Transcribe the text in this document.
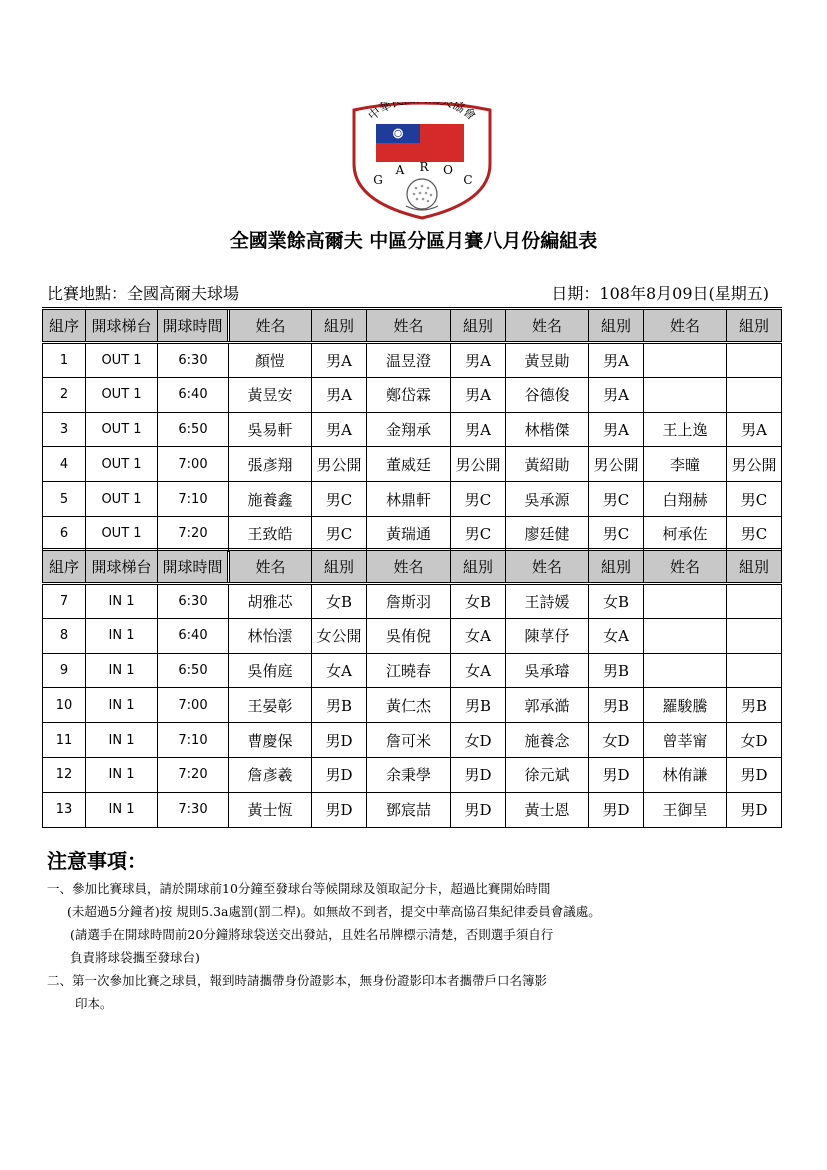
中華 協會
G
A R O
C
全國業餘高爾夫 中區分區月賽八月份編組表
比賽地點：全國高爾夫球場	日期：108年8月09日(星期五)
組序	開球梯台	開球時間	姓名	組別	姓名	組別	姓名	組別	姓名	組別
1	OUT 1	6:30	顏愷	男A	温昱澄	男A	黃昱勛	男A		
2	OUT 1	6:40	黃昱安	男A	鄭岱霖	男A	谷德俊	男A		
3	OUT 1	6:50	吳易軒	男A	金翔承	男A	林楷傑	男A	王上逸	男A
4	OUT 1	7:00	張彥翔	男公開	董威廷	男公開	黃紹勛	男公開	李曈	男公開
5	OUT 1	7:10	施養鑫	男C	林鼎軒	男C	吳承源	男C	白翔赫	男C
6	OUT 1	7:20	王致皓	男C	黃瑞通	男C	廖廷健	男C	柯承佐	男C
組序	開球梯台	開球時間	姓名	組別	姓名	組別	姓名	組別	姓名	組別
7	IN 1	6:30	胡雅芯	女B	詹斯羽	女B	王詩媛	女B		
8	IN 1	6:40	林怡澐	女公開	吳侑倪	女A	陳莩伃	女A		
9	IN 1	6:50	吳侑庭	女A	江曉春	女A	吳承璿	男B		
10	IN 1	7:00	王晏彰	男B	黃仁杰	男B	郭承澔	男B	羅駿騰	男B
11	IN 1	7:10	曹慶保	男D	詹可米	女D	施養念	女D	曾莘甯	女D
12	IN 1	7:20	詹彥羲	男D	余秉學	男D	徐元斌	男D	林侑謙	男D
13	IN 1	7:30	黃士恆	男D	鄧宸喆	男D	黃士恩	男D	王御呈	男D
注意事項：
一、參加比賽球員，請於開球前10分鐘至發球台等候開球及領取記分卡，超過比賽開始時間
(未超過5分鐘者)按 規則5.3a處罰(罰二桿)。如無故不到者，提交中華高協召集紀律委員會議處。
(請選手在開球時間前20分鐘將球袋送交出發站，且姓名吊牌標示清楚，否則選手須自行
負責將球袋攜至發球台)
二、第一次參加比賽之球員，報到時請攜帶身份證影本，無身份證影印本者攜帶戶口名簿影
印本。
